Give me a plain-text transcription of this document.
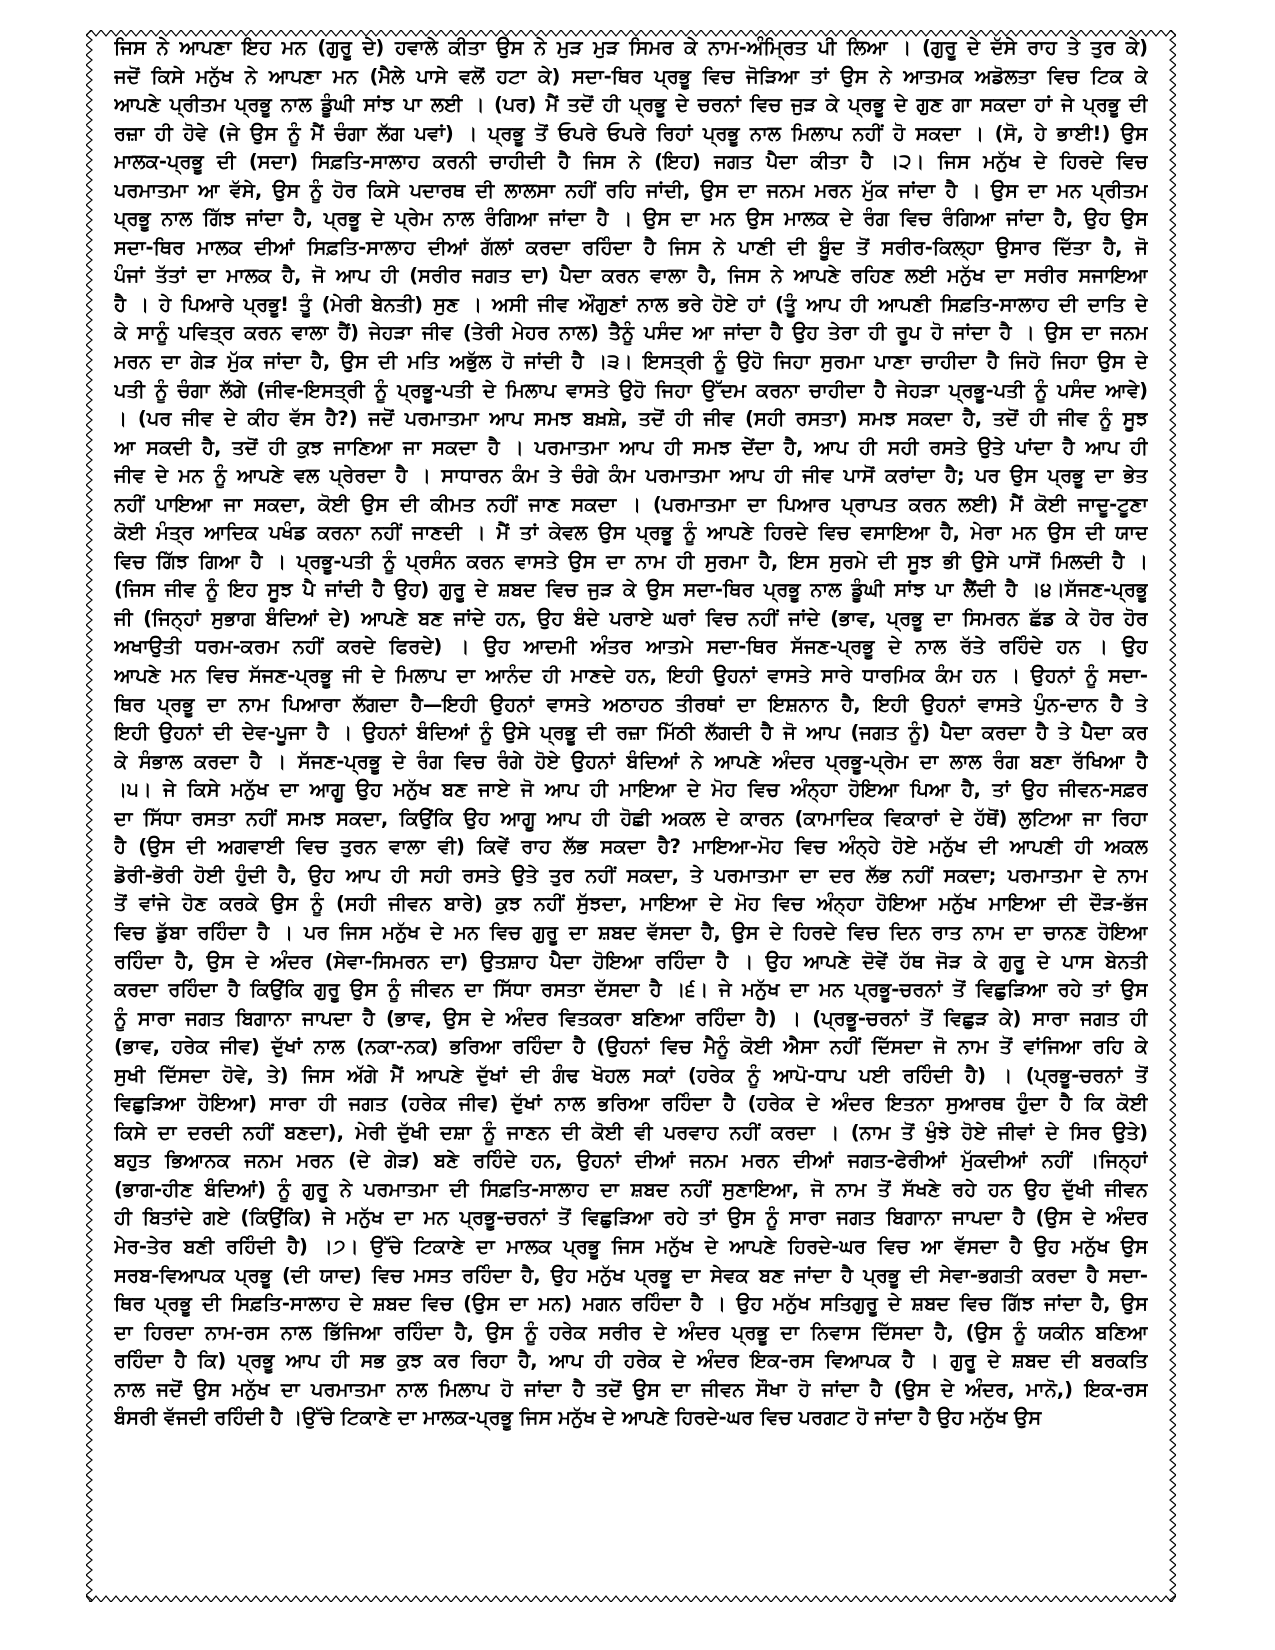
ਜਿਸ ਨੇ ਆਪਣਾ ਇਹ ਮਨ (ਗੁਰੂ ਦੇ) ਹਵਾਲੇ ਕੀਤਾ ਉਸ ਨੇ ਮੁੜ ਮੁੜ ਸਿਮਰ ਕੇ ਨਾਮ-ਅੰਮ੍ਰਿਤ ਪੀ ਲਿਆ । (ਗੁਰੂ ਦੇ ਦੱਸੇ ਰਾਹ ਤੇ ਤੁਰ ਕੇ)
ਜਦੋਂ ਕਿਸੇ ਮਨੁੱਖ ਨੇ ਆਪਣਾ ਮਨ (ਮੈਲੇ ਪਾਸੇ ਵਲੋਂ ਹਟਾ ਕੇ) ਸਦਾ-ਥਿਰ ਪ੍ਰਭੂ ਵਿਚ ਜੋੜਿਆ ਤਾਂ ਉਸ ਨੇ ਆਤਮਕ ਅਡੋਲਤਾ ਵਿਚ ਟਿਕ ਕੇ
ਆਪਣੇ ਪ੍ਰੀਤਮ ਪ੍ਰਭੂ ਨਾਲ ਡੂੰਘੀ ਸਾਂਝ ਪਾ ਲਈ । (ਪਰ) ਮੈਂ ਤਦੋਂ ਹੀ ਪ੍ਰਭੂ ਦੇ ਚਰਨਾਂ ਵਿਚ ਜੁੜ ਕੇ ਪ੍ਰਭੂ ਦੇ ਗੁਣ ਗਾ ਸਕਦਾ ਹਾਂ ਜੇ ਪ੍ਰਭੂ ਦੀ
ਰਜ਼ਾ ਹੀ ਹੋਵੇ (ਜੇ ਉਸ ਨੂੰ ਮੈਂ ਚੰਗਾ ਲੱਗ ਪਵਾਂ) । ਪ੍ਰਭੂ ਤੋਂ ਓਪਰੇ ਓਪਰੇ ਰਿਹਾਂ ਪ੍ਰਭੂ ਨਾਲ ਮਿਲਾਪ ਨਹੀਂ ਹੋ ਸਕਦਾ । (ਸੋ, ਹੇ ਭਾਈ!) ਉਸ
ਮਾਲਕ-ਪ੍ਰਭੂ ਦੀ (ਸਦਾ) ਸਿਫ਼ਤਿ-ਸਾਲਾਹ ਕਰਨੀ ਚਾਹੀਦੀ ਹੈ ਜਿਸ ਨੇ (ਇਹ) ਜਗਤ ਪੈਦਾ ਕੀਤਾ ਹੈ ।੨। ਜਿਸ ਮਨੁੱਖ ਦੇ ਹਿਰਦੇ ਵਿਚ
ਪਰਮਾਤਮਾ ਆ ਵੱਸੇ, ਉਸ ਨੂੰ ਹੋਰ ਕਿਸੇ ਪਦਾਰਥ ਦੀ ਲਾਲਸਾ ਨਹੀਂ ਰਹਿ ਜਾਂਦੀ, ਉਸ ਦਾ ਜਨਮ ਮਰਨ ਮੁੱਕ ਜਾਂਦਾ ਹੈ । ਉਸ ਦਾ ਮਨ ਪ੍ਰੀਤਮ
ਪ੍ਰਭੂ ਨਾਲ ਗਿੱਝ ਜਾਂਦਾ ਹੈ, ਪ੍ਰਭੂ ਦੇ ਪ੍ਰੇਮ ਨਾਲ ਰੰਗਿਆ ਜਾਂਦਾ ਹੈ । ਉਸ ਦਾ ਮਨ ਉਸ ਮਾਲਕ ਦੇ ਰੰਗ ਵਿਚ ਰੰਗਿਆ ਜਾਂਦਾ ਹੈ, ਉਹ ਉਸ
ਸਦਾ-ਥਿਰ ਮਾਲਕ ਦੀਆਂ ਸਿਫ਼ਤਿ-ਸਾਲਾਹ ਦੀਆਂ ਗੱਲਾਂ ਕਰਦਾ ਰਹਿੰਦਾ ਹੈ ਜਿਸ ਨੇ ਪਾਣੀ ਦੀ ਬੂੰਦ ਤੋਂ ਸਰੀਰ-ਕਿਲ੍ਹਾ ਉਸਾਰ ਦਿੱਤਾ ਹੈ, ਜੋ
ਪੰਜਾਂ ਤੱਤਾਂ ਦਾ ਮਾਲਕ ਹੈ, ਜੋ ਆਪ ਹੀ (ਸਰੀਰ ਜਗਤ ਦਾ) ਪੈਦਾ ਕਰਨ ਵਾਲਾ ਹੈ, ਜਿਸ ਨੇ ਆਪਣੇ ਰਹਿਣ ਲਈ ਮਨੁੱਖ ਦਾ ਸਰੀਰ ਸਜਾਇਆ
ਹੈ । ਹੇ ਪਿਆਰੇ ਪ੍ਰਭੂ! ਤੂੰ (ਮੇਰੀ ਬੇਨਤੀ) ਸੁਣ । ਅਸੀ ਜੀਵ ਔਗੁਣਾਂ ਨਾਲ ਭਰੇ ਹੋਏ ਹਾਂ (ਤੂੰ ਆਪ ਹੀ ਆਪਣੀ ਸਿਫ਼ਤਿ-ਸਾਲਾਹ ਦੀ ਦਾਤਿ ਦੇ
ਕੇ ਸਾਨੂੰ ਪਵਿਤ੍ਰ ਕਰਨ ਵਾਲਾ ਹੈਂ) ਜੇਹੜਾ ਜੀਵ (ਤੇਰੀ ਮੇਹਰ ਨਾਲ) ਤੈਨੂੰ ਪਸੰਦ ਆ ਜਾਂਦਾ ਹੈ ਉਹ ਤੇਰਾ ਹੀ ਰੂਪ ਹੋ ਜਾਂਦਾ ਹੈ । ਉਸ ਦਾ ਜਨਮ
ਮਰਨ ਦਾ ਗੇੜ ਮੁੱਕ ਜਾਂਦਾ ਹੈ, ਉਸ ਦੀ ਮਤਿ ਅਭੁੱਲ ਹੋ ਜਾਂਦੀ ਹੈ ।੩। ਇਸਤ੍ਰੀ ਨੂੰ ਉਹੋ ਜਿਹਾ ਸੁਰਮਾ ਪਾਣਾ ਚਾਹੀਦਾ ਹੈ ਜਿਹੋ ਜਿਹਾ ਉਸ ਦੇ
ਪਤੀ ਨੂੰ ਚੰਗਾ ਲੱਗੇ (ਜੀਵ-ਇਸਤ੍ਰੀ ਨੂੰ ਪ੍ਰਭੂ-ਪਤੀ ਦੇ ਮਿਲਾਪ ਵਾਸਤੇ ਉਹੋ ਜਿਹਾ ਉੱਦਮ ਕਰਨਾ ਚਾਹੀਦਾ ਹੈ ਜੇਹੜਾ ਪ੍ਰਭੂ-ਪਤੀ ਨੂੰ ਪਸੰਦ ਆਵੇ)
। (ਪਰ ਜੀਵ ਦੇ ਕੀਹ ਵੱਸ ਹੈ?) ਜਦੋਂ ਪਰਮਾਤਮਾ ਆਪ ਸਮਝ ਬਖ਼ਸ਼ੇ, ਤਦੋਂ ਹੀ ਜੀਵ (ਸਹੀ ਰਸਤਾ) ਸਮਝ ਸਕਦਾ ਹੈ, ਤਦੋਂ ਹੀ ਜੀਵ ਨੂੰ ਸੂਝ
ਆ ਸਕਦੀ ਹੈ, ਤਦੋਂ ਹੀ ਕੁਝ ਜਾਣਿਆ ਜਾ ਸਕਦਾ ਹੈ । ਪਰਮਾਤਮਾ ਆਪ ਹੀ ਸਮਝ ਦੇਂਦਾ ਹੈ, ਆਪ ਹੀ ਸਹੀ ਰਸਤੇ ਉਤੇ ਪਾਂਦਾ ਹੈ ਆਪ ਹੀ
ਜੀਵ ਦੇ ਮਨ ਨੂੰ ਆਪਣੇ ਵਲ ਪ੍ਰੇਰਦਾ ਹੈ । ਸਾਧਾਰਨ ਕੰਮ ਤੇ ਚੰਗੇ ਕੰਮ ਪਰਮਾਤਮਾ ਆਪ ਹੀ ਜੀਵ ਪਾਸੋਂ ਕਰਾਂਦਾ ਹੈ; ਪਰ ਉਸ ਪ੍ਰਭੂ ਦਾ ਭੇਤ
ਨਹੀਂ ਪਾਇਆ ਜਾ ਸਕਦਾ, ਕੋਈ ਉਸ ਦੀ ਕੀਮਤ ਨਹੀਂ ਜਾਣ ਸਕਦਾ । (ਪਰਮਾਤਮਾ ਦਾ ਪਿਆਰ ਪ੍ਰਾਪਤ ਕਰਨ ਲਈ) ਮੈਂ ਕੋਈ ਜਾਦੂ-ਟੂਣਾ
ਕੋਈ ਮੰਤ੍ਰ ਆਦਿਕ ਪਖੰਡ ਕਰਨਾ ਨਹੀਂ ਜਾਣਦੀ । ਮੈਂ ਤਾਂ ਕੇਵਲ ਉਸ ਪ੍ਰਭੂ ਨੂੰ ਆਪਣੇ ਹਿਰਦੇ ਵਿਚ ਵਸਾਇਆ ਹੈ, ਮੇਰਾ ਮਨ ਉਸ ਦੀ ਯਾਦ
ਵਿਚ ਗਿੱਝ ਗਿਆ ਹੈ । ਪ੍ਰਭੂ-ਪਤੀ ਨੂੰ ਪ੍ਰਸੰਨ ਕਰਨ ਵਾਸਤੇ ਉਸ ਦਾ ਨਾਮ ਹੀ ਸੁਰਮਾ ਹੈ, ਇਸ ਸੁਰਮੇ ਦੀ ਸੂਝ ਭੀ ਉਸੇ ਪਾਸੋਂ ਮਿਲਦੀ ਹੈ ।
(ਜਿਸ ਜੀਵ ਨੂੰ ਇਹ ਸੂਝ ਪੈ ਜਾਂਦੀ ਹੈ ਉਹ) ਗੁਰੂ ਦੇ ਸ਼ਬਦ ਵਿਚ ਜੁੜ ਕੇ ਉਸ ਸਦਾ-ਥਿਰ ਪ੍ਰਭੂ ਨਾਲ ਡੂੰਘੀ ਸਾਂਝ ਪਾ ਲੈਂਦੀ ਹੈ ।੪।ਸੱਜਣ-ਪ੍ਰਭੂ
ਜੀ (ਜਿਨ੍ਹਾਂ ਸੁਭਾਗ ਬੰਦਿਆਂ ਦੇ) ਆਪਣੇ ਬਣ ਜਾਂਦੇ ਹਨ, ਉਹ ਬੰਦੇ ਪਰਾਏ ਘਰਾਂ ਵਿਚ ਨਹੀਂ ਜਾਂਦੇ (ਭਾਵ, ਪ੍ਰਭੂ ਦਾ ਸਿਮਰਨ ਛੱਡ ਕੇ ਹੋਰ ਹੋਰ
ਅਖਾਉਤੀ ਧਰਮ-ਕਰਮ ਨਹੀਂ ਕਰਦੇ ਫਿਰਦੇ) । ਉਹ ਆਦਮੀ ਅੰਤਰ ਆਤਮੇ ਸਦਾ-ਥਿਰ ਸੱਜਣ-ਪ੍ਰਭੂ ਦੇ ਨਾਲ ਰੱਤੇ ਰਹਿੰਦੇ ਹਨ । ਉਹ
ਆਪਣੇ ਮਨ ਵਿਚ ਸੱਜਣ-ਪ੍ਰਭੂ ਜੀ ਦੇ ਮਿਲਾਪ ਦਾ ਆਨੰਦ ਹੀ ਮਾਣਦੇ ਹਨ, ਇਹੀ ਉਹਨਾਂ ਵਾਸਤੇ ਸਾਰੇ ਧਾਰਮਿਕ ਕੰਮ ਹਨ । ਉਹਨਾਂ ਨੂੰ ਸਦਾ-
ਥਿਰ ਪ੍ਰਭੂ ਦਾ ਨਾਮ ਪਿਆਰਾ ਲੱਗਦਾ ਹੈ—ਇਹੀ ਉਹਨਾਂ ਵਾਸਤੇ ਅਠਾਹਠ ਤੀਰਥਾਂ ਦਾ ਇਸ਼ਨਾਨ ਹੈ, ਇਹੀ ਉਹਨਾਂ ਵਾਸਤੇ ਪੁੰਨ-ਦਾਨ ਹੈ ਤੇ
ਇਹੀ ਉਹਨਾਂ ਦੀ ਦੇਵ-ਪੂਜਾ ਹੈ । ਉਹਨਾਂ ਬੰਦਿਆਂ ਨੂੰ ਉਸੇ ਪ੍ਰਭੂ ਦੀ ਰਜ਼ਾ ਮਿੱਠੀ ਲੱਗਦੀ ਹੈ ਜੋ ਆਪ (ਜਗਤ ਨੂੰ) ਪੈਦਾ ਕਰਦਾ ਹੈ ਤੇ ਪੈਦਾ ਕਰ
ਕੇ ਸੰਭਾਲ ਕਰਦਾ ਹੈ । ਸੱਜਣ-ਪ੍ਰਭੂ ਦੇ ਰੰਗ ਵਿਚ ਰੰਗੇ ਹੋਏ ਉਹਨਾਂ ਬੰਦਿਆਂ ਨੇ ਆਪਣੇ ਅੰਦਰ ਪ੍ਰਭੂ-ਪ੍ਰੇਮ ਦਾ ਲਾਲ ਰੰਗ ਬਣਾ ਰੱਖਿਆ ਹੈ
।੫। ਜੇ ਕਿਸੇ ਮਨੁੱਖ ਦਾ ਆਗੂ ਉਹ ਮਨੁੱਖ ਬਣ ਜਾਏ ਜੋ ਆਪ ਹੀ ਮਾਇਆ ਦੇ ਮੋਹ ਵਿਚ ਅੰਨ੍ਹਾ ਹੋਇਆ ਪਿਆ ਹੈ, ਤਾਂ ਉਹ ਜੀਵਨ-ਸਫ਼ਰ
ਦਾ ਸਿੱਧਾ ਰਸਤਾ ਨਹੀਂ ਸਮਝ ਸਕਦਾ, ਕਿਉਂਕਿ ਉਹ ਆਗੂ ਆਪ ਹੀ ਹੋਛੀ ਅਕਲ ਦੇ ਕਾਰਨ (ਕਾਮਾਦਿਕ ਵਿਕਾਰਾਂ ਦੇ ਹੱਥੋਂ) ਲੁਟਿਆ ਜਾ ਰਿਹਾ
ਹੈ (ਉਸ ਦੀ ਅਗਵਾਈ ਵਿਚ ਤੁਰਨ ਵਾਲਾ ਵੀ) ਕਿਵੇਂ ਰਾਹ ਲੱਭ ਸਕਦਾ ਹੈ? ਮਾਇਆ-ਮੋਹ ਵਿਚ ਅੰਨ੍ਹੇ ਹੋਏ ਮਨੁੱਖ ਦੀ ਆਪਣੀ ਹੀ ਅਕਲ
ਡੋਰੀ-ਭੋਰੀ ਹੋਈ ਹੁੰਦੀ ਹੈ, ਉਹ ਆਪ ਹੀ ਸਹੀ ਰਸਤੇ ਉਤੇ ਤੁਰ ਨਹੀਂ ਸਕਦਾ, ਤੇ ਪਰਮਾਤਮਾ ਦਾ ਦਰ ਲੱਭ ਨਹੀਂ ਸਕਦਾ; ਪਰਮਾਤਮਾ ਦੇ ਨਾਮ
ਤੋਂ ਵਾਂਜੇ ਹੋਣ ਕਰਕੇ ਉਸ ਨੂੰ (ਸਹੀ ਜੀਵਨ ਬਾਰੇ) ਕੁਝ ਨਹੀਂ ਸੁੱਝਦਾ, ਮਾਇਆ ਦੇ ਮੋਹ ਵਿਚ ਅੰਨ੍ਹਾ ਹੋਇਆ ਮਨੁੱਖ ਮਾਇਆ ਦੀ ਦੌੜ-ਭੱਜ
ਵਿਚ ਡੁੱਬਾ ਰਹਿੰਦਾ ਹੈ । ਪਰ ਜਿਸ ਮਨੁੱਖ ਦੇ ਮਨ ਵਿਚ ਗੁਰੂ ਦਾ ਸ਼ਬਦ ਵੱਸਦਾ ਹੈ, ਉਸ ਦੇ ਹਿਰਦੇ ਵਿਚ ਦਿਨ ਰਾਤ ਨਾਮ ਦਾ ਚਾਨਣ ਹੋਇਆ
ਰਹਿੰਦਾ ਹੈ, ਉਸ ਦੇ ਅੰਦਰ (ਸੇਵਾ-ਸਿਮਰਨ ਦਾ) ਉਤਸ਼ਾਹ ਪੈਦਾ ਹੋਇਆ ਰਹਿੰਦਾ ਹੈ । ਉਹ ਆਪਣੇ ਦੋਵੇਂ ਹੱਥ ਜੋੜ ਕੇ ਗੁਰੂ ਦੇ ਪਾਸ ਬੇਨਤੀ
ਕਰਦਾ ਰਹਿੰਦਾ ਹੈ ਕਿਉਂਕਿ ਗੁਰੂ ਉਸ ਨੂੰ ਜੀਵਨ ਦਾ ਸਿੱਧਾ ਰਸਤਾ ਦੱਸਦਾ ਹੈ ।੬। ਜੇ ਮਨੁੱਖ ਦਾ ਮਨ ਪ੍ਰਭੂ-ਚਰਨਾਂ ਤੋਂ ਵਿਛੁੜਿਆ ਰਹੇ ਤਾਂ ਉਸ
ਨੂੰ ਸਾਰਾ ਜਗਤ ਬਿਗਾਨਾ ਜਾਪਦਾ ਹੈ (ਭਾਵ, ਉਸ ਦੇ ਅੰਦਰ ਵਿਤਕਰਾ ਬਣਿਆ ਰਹਿੰਦਾ ਹੈ) । (ਪ੍ਰਭੂ-ਚਰਨਾਂ ਤੋਂ ਵਿਛੁੜ ਕੇ) ਸਾਰਾ ਜਗਤ ਹੀ
(ਭਾਵ, ਹਰੇਕ ਜੀਵ) ਦੁੱਖਾਂ ਨਾਲ (ਨਕਾ-ਨਕ) ਭਰਿਆ ਰਹਿੰਦਾ ਹੈ (ਉਹਨਾਂ ਵਿਚ ਮੈਨੂੰ ਕੋਈ ਐਸਾ ਨਹੀਂ ਦਿੱਸਦਾ ਜੋ ਨਾਮ ਤੋਂ ਵਾਂਜਿਆ ਰਹਿ ਕੇ
ਸੁਖੀ ਦਿੱਸਦਾ ਹੋਵੇ, ਤੇ) ਜਿਸ ਅੱਗੇ ਮੈਂ ਆਪਣੇ ਦੁੱਖਾਂ ਦੀ ਗੰਢ ਖੋਹਲ ਸਕਾਂ (ਹਰੇਕ ਨੂੰ ਆਪੋ-ਧਾਪ ਪਈ ਰਹਿੰਦੀ ਹੈ) । (ਪ੍ਰਭੂ-ਚਰਨਾਂ ਤੋਂ
ਵਿਛੁੜਿਆ ਹੋਇਆ) ਸਾਰਾ ਹੀ ਜਗਤ (ਹਰੇਕ ਜੀਵ) ਦੁੱਖਾਂ ਨਾਲ ਭਰਿਆ ਰਹਿੰਦਾ ਹੈ (ਹਰੇਕ ਦੇ ਅੰਦਰ ਇਤਨਾ ਸੁਆਰਥ ਹੁੰਦਾ ਹੈ ਕਿ ਕੋਈ
ਕਿਸੇ ਦਾ ਦਰਦੀ ਨਹੀਂ ਬਣਦਾ), ਮੇਰੀ ਦੁੱਖੀ ਦਸ਼ਾ ਨੂੰ ਜਾਣਨ ਦੀ ਕੋਈ ਵੀ ਪਰਵਾਹ ਨਹੀਂ ਕਰਦਾ । (ਨਾਮ ਤੋਂ ਖੁੰਝੇ ਹੋਏ ਜੀਵਾਂ ਦੇ ਸਿਰ ਉਤੇ)
ਬਹੁਤ ਭਿਆਨਕ ਜਨਮ ਮਰਨ (ਦੇ ਗੇੜ) ਬਣੇ ਰਹਿੰਦੇ ਹਨ, ਉਹਨਾਂ ਦੀਆਂ ਜਨਮ ਮਰਨ ਦੀਆਂ ਜਗਤ-ਫੇਰੀਆਂ ਮੁੱਕਦੀਆਂ ਨਹੀਂ ।ਜਿਨ੍ਹਾਂ
(ਭਾਗ-ਹੀਣ ਬੰਦਿਆਂ) ਨੂੰ ਗੁਰੂ ਨੇ ਪਰਮਾਤਮਾ ਦੀ ਸਿਫ਼ਤਿ-ਸਾਲਾਹ ਦਾ ਸ਼ਬਦ ਨਹੀਂ ਸੁਣਾਇਆ, ਜੋ ਨਾਮ ਤੋਂ ਸੱਖਣੇ ਰਹੇ ਹਨ ਉਹ ਦੁੱਖੀ ਜੀਵਨ
ਹੀ ਬਿਤਾਂਦੇ ਗਏ (ਕਿਉਂਕਿ) ਜੇ ਮਨੁੱਖ ਦਾ ਮਨ ਪ੍ਰਭੂ-ਚਰਨਾਂ ਤੋਂ ਵਿਛੁੜਿਆ ਰਹੇ ਤਾਂ ਉਸ ਨੂੰ ਸਾਰਾ ਜਗਤ ਬਿਗਾਨਾ ਜਾਪਦਾ ਹੈ (ਉਸ ਦੇ ਅੰਦਰ
ਮੇਰ-ਤੇਰ ਬਣੀ ਰਹਿੰਦੀ ਹੈ) ।੭। ਉੱਚੇ ਟਿਕਾਣੇ ਦਾ ਮਾਲਕ ਪ੍ਰਭੂ ਜਿਸ ਮਨੁੱਖ ਦੇ ਆਪਣੇ ਹਿਰਦੇ-ਘਰ ਵਿਚ ਆ ਵੱਸਦਾ ਹੈ ਉਹ ਮਨੁੱਖ ਉਸ
ਸਰਬ-ਵਿਆਪਕ ਪ੍ਰਭੂ (ਦੀ ਯਾਦ) ਵਿਚ ਮਸਤ ਰਹਿੰਦਾ ਹੈ, ਉਹ ਮਨੁੱਖ ਪ੍ਰਭੂ ਦਾ ਸੇਵਕ ਬਣ ਜਾਂਦਾ ਹੈ ਪ੍ਰਭੂ ਦੀ ਸੇਵਾ-ਭਗਤੀ ਕਰਦਾ ਹੈ ਸਦਾ-
ਥਿਰ ਪ੍ਰਭੂ ਦੀ ਸਿਫ਼ਤਿ-ਸਾਲਾਹ ਦੇ ਸ਼ਬਦ ਵਿਚ (ਉਸ ਦਾ ਮਨ) ਮਗਨ ਰਹਿੰਦਾ ਹੈ । ਉਹ ਮਨੁੱਖ ਸਤਿਗੁਰੂ ਦੇ ਸ਼ਬਦ ਵਿਚ ਗਿੱਝ ਜਾਂਦਾ ਹੈ, ਉਸ
ਦਾ ਹਿਰਦਾ ਨਾਮ-ਰਸ ਨਾਲ ਭਿੱਜਿਆ ਰਹਿੰਦਾ ਹੈ, ਉਸ ਨੂੰ ਹਰੇਕ ਸਰੀਰ ਦੇ ਅੰਦਰ ਪ੍ਰਭੂ ਦਾ ਨਿਵਾਸ ਦਿੱਸਦਾ ਹੈ, (ਉਸ ਨੂੰ ਯਕੀਨ ਬਣਿਆ
ਰਹਿੰਦਾ ਹੈ ਕਿ) ਪ੍ਰਭੂ ਆਪ ਹੀ ਸਭ ਕੁਝ ਕਰ ਰਿਹਾ ਹੈ, ਆਪ ਹੀ ਹਰੇਕ ਦੇ ਅੰਦਰ ਇਕ-ਰਸ ਵਿਆਪਕ ਹੈ । ਗੁਰੂ ਦੇ ਸ਼ਬਦ ਦੀ ਬਰਕਤਿ
ਨਾਲ ਜਦੋਂ ਉਸ ਮਨੁੱਖ ਦਾ ਪਰਮਾਤਮਾ ਨਾਲ ਮਿਲਾਪ ਹੋ ਜਾਂਦਾ ਹੈ ਤਦੋਂ ਉਸ ਦਾ ਜੀਵਨ ਸੌਖਾ ਹੋ ਜਾਂਦਾ ਹੈ (ਉਸ ਦੇ ਅੰਦਰ, ਮਾਨੋ,) ਇਕ-ਰਸ
ਬੰਸਰੀ ਵੱਜਦੀ ਰਹਿੰਦੀ ਹੈ ।ਉੱਚੇ ਟਿਕਾਣੇ ਦਾ ਮਾਲਕ-ਪ੍ਰਭੂ ਜਿਸ ਮਨੁੱਖ ਦੇ ਆਪਣੇ ਹਿਰਦੇ-ਘਰ ਵਿਚ ਪਰਗਟ ਹੋ ਜਾਂਦਾ ਹੈ ਉਹ ਮਨੁੱਖ ਉਸ
